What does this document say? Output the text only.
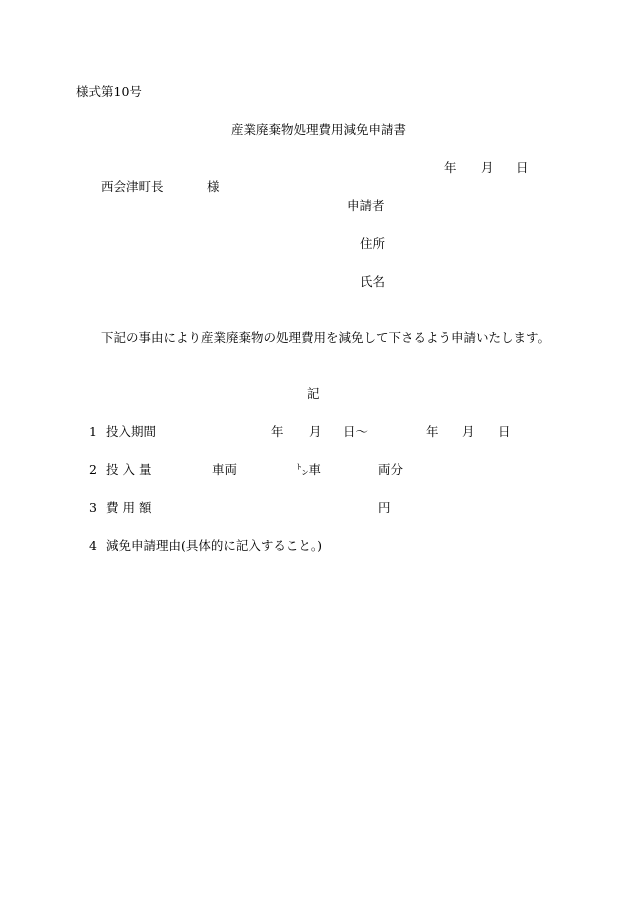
様式第10号
産業廃棄物処理費用減免申請書
年 月 日
西会津町長	様
申請者
住所
氏名
下記の事由により産業廃棄物の処理費用を減免して下さるよう申請いたします。
記
1 投入期間	年 月 日〜	年 月 日
2 投 入 量	車両	㌧車	両分
3 費 用 額	円
4 減免申請理由(具体的に記入すること。)
